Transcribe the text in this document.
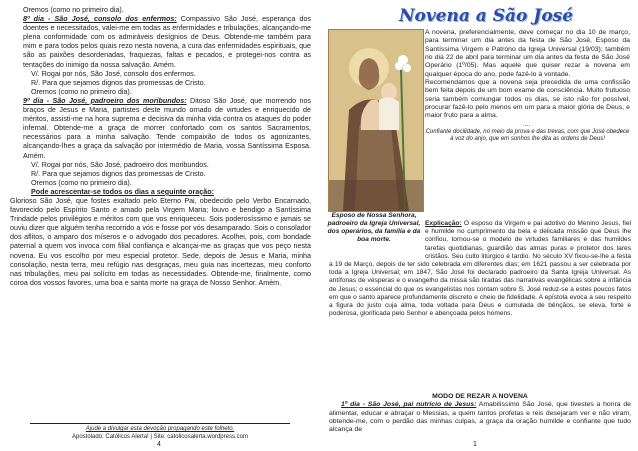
Oremos (como no primeiro dia).

8º dia - São José, consolo dos enfermos: Compassivo São José, esperança dos doentes e necessitados, valei-me em todas as enfermidades e tribulações, alcançando-me plena conformidade com os admiráveis desígnios de Deus. Obtende-me também para mim e para todos pelos quais rezo nesta novena, a cura das enfermidades espirituais, que são as paixões desordenadas, fraquezas, faltas e pecados, e protegei-nos contra as tentações do inimigo da nossa salvação. Amém.

V/. Rogai por nós, São José, consolo dos enfermos.

R/. Para que sejamos dignos das promessas de Cristo.

Oremos (como no primeiro dia).

9º dia - São José, padroeiro dos moribundos: Ditoso São José, que morrendo nos braços de Jesus e Maria, partistes deste mundo ornado de virtudes e enriquecido de méritos, assisti-me na hora suprema e decisiva da minha vida contra os ataques do poder infernal. Obtende-me a graça de morrer confortado com os santos Sacramentos, necessários para a minha salvação. Tende compaixão de todos os agonizantes, alcançando-lhes a graça da salvação por intermédio de Maria, vossa Santíssima Esposa. Amém.

V/. Rogai por nós, São José, padroeiro dos moribundos.

R/. Para que sejamos dignos das promessas de Cristo.

Oremos (como no primeiro dia).

Pode acrescentar-se todos os dias a seguinte oração:

Glorioso São José, que fostes exaltado pelo Eterno Pai, obedecido pelo Verbo Encarnado, favorecido pelo Espírito Santo e amado pela Virgem Maria; louvo e bendigo a Santíssima Trindade pelos privilégios e méritos com que vos enriqueceu. Sois poderosíssimo e jamais se ouviu dizer que alguém tenha recorrido a vós e fosse por vós desamparado. Sois o consolador dos aflitos, o amparo dos míseros e o advogado dos pecadores. Acolhei, pois, com bondade paternal a quem vos invoca com filial confiança e alcançai-me as graças que vos peço nesta novena. Eu vos escolho por meu especial protetor. Sede, depois de Jesus e Maria, minha consolação, nesta terra, meu refúgio nas desgraças, meu guia nas incertezas, meu conforto nas tribulações, meu pai solícito em todas as necessidades. Obtende-me, finalmente, como coroa dos vossos favores, uma boa e santa morte na graça de Nosso Senhor. Amém.

Ajude a divulgar esta devoção propagando este folheto.
Apostolado: Católicos Alerta! | Site: catolicosalerta.wordpress.com
4
Novena a São José
Esposo de Nossa Senhora, padroeiro da Igreja Universal, dos operários, da família e da boa morte.

A novena, preferencialmente, deve começar no dia 10 de março, para terminar um dia antes da festa de São José, Esposo da Santíssima Virgem e Patrono da Igreja Universal (19/03); também no dia 22 de abril para terminar um dia antes da festa de São José Operário (1º/05). Mas aquele que quiser rezar a novena em qualquer época do ano, pode fazê-lo à vontade.

Recomendamos que a novena seja precedida de uma confissão bem feita depois de um bom exame de consciência. Muito frutuoso seria também comungar todos os dias, se isto não for possível, procurar fazê-lo pelo menos em um para a maior glória de Deus, e maior fruto para a alma.

...

Confiante docilidade, no meio da prova e das trevas, com que José obedece à voz do anjo, que em sonhos lhe dita as ordens de Deus!

Explicação: O esposo da Virgem e pai adotivo do Menino Jesus, fiel e humilde no cumprimento da bela e delicada missão que Deus lhe confiou, tornou-se o modelo de virtudes familiares e das humildes tarefas quotidianas, guardião das almas puras e protetor dos lares cristãos. Seu culto litúrgico é tardio. No século XV fixou-se-lhe a festa a 19 de Março, depois de ter sido celebrada em diferentes dias; em 1621 passou a ser celebrada por toda a Igreja Universal; em 1847, São José foi declarado padroeiro da Santa Igreja Universal. As antífonas de vésperas e o evangelho da missa são tiradas das narrativas evangélicas sobre a infância de Jesus; o essencial do que os evangelistas nos contam sobre S. José reduz-se a estes poucos fatos em que o santo aparece profundamente discreto e cheio de fidelidade. A epístola evoca a seu respeito a figura do justo cuja alma, toda voltada para Deus e cumulada de bênçãos, se eleva, forte e poderosa, glorificada pelo Senhor e abençoada pelos homens.

MODO DE REZAR A NOVENA

1º dia - São José, pai nutrício de Jesus: Amabilíssimo São José, que tivestes a honra de alimentar, educar e abraçar o Messias, a quem tantos profetas e reis desejaram ver e não viram, obtende-me, com o perdão das minhas culpas, a graça da oração humilde e confiante que tudo alcança de

1
